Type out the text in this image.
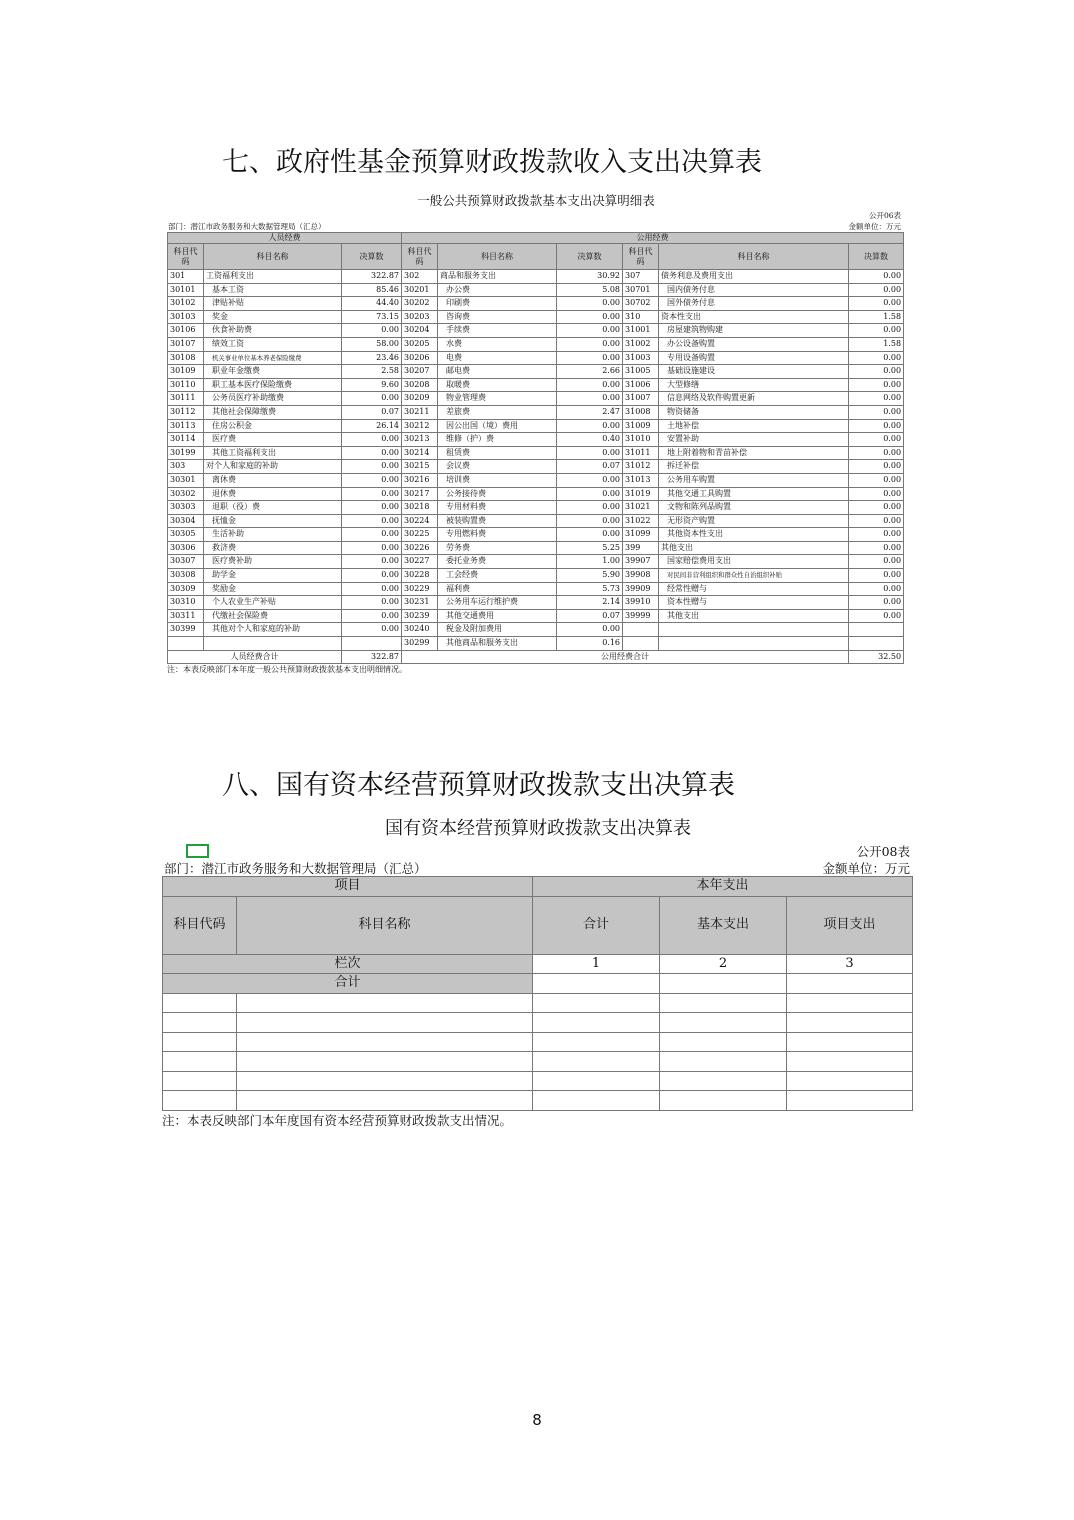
七、政府性基金预算财政拨款收入支出决算表
一般公共预算财政拨款基本支出决算明细表
公开06表
部门：潜江市政务服务和大数据管理局（汇总）	金额单位：万元
人员经费			公用经费					
科目代码	科目名称	决算数	科目代码	科目名称	决算数	科目代码	科目名称	决算数
301	工资福利支出	322.87	302	商品和服务支出	30.92	307	债务利息及费用支出	0.00
30101	基本工资	85.46	30201	办公费	5.08	30701	国内债务付息	0.00
30102	津贴补贴	44.40	30202	印刷费	0.00	30702	国外债务付息	0.00
30103	奖金	73.15	30203	咨询费	0.00	310	资本性支出	1.58
30106	伙食补助费	0.00	30204	手续费	0.00	31001	房屋建筑物购建	0.00
30107	绩效工资	58.00	30205	水费	0.00	31002	办公设备购置	1.58
30108	机关事业单位基本养老保险缴费	23.46	30206	电费	0.00	31003	专用设备购置	0.00
30109	职业年金缴费	2.58	30207	邮电费	2.66	31005	基础设施建设	0.00
30110	职工基本医疗保险缴费	9.60	30208	取暖费	0.00	31006	大型修缮	0.00
30111	公务员医疗补助缴费	0.00	30209	物业管理费	0.00	31007	信息网络及软件购置更新	0.00
30112	其他社会保障缴费	0.07	30211	差旅费	2.47	31008	物资储备	0.00
30113	住房公积金	26.14	30212	因公出国（境）费用	0.00	31009	土地补偿	0.00
30114	医疗费	0.00	30213	维修（护）费	0.40	31010	安置补助	0.00
30199	其他工资福利支出	0.00	30214	租赁费	0.00	31011	地上附着物和青苗补偿	0.00
303	对个人和家庭的补助	0.00	30215	会议费	0.07	31012	拆迁补偿	0.00
30301	离休费	0.00	30216	培训费	0.00	31013	公务用车购置	0.00
30302	退休费	0.00	30217	公务接待费	0.00	31019	其他交通工具购置	0.00
30303	退职（役）费	0.00	30218	专用材料费	0.00	31021	文物和陈列品购置	0.00
30304	抚恤金	0.00	30224	被装购置费	0.00	31022	无形资产购置	0.00
30305	生活补助	0.00	30225	专用燃料费	0.00	31099	其他资本性支出	0.00
30306	救济费	0.00	30226	劳务费	5.25	399	其他支出	0.00
30307	医疗费补助	0.00	30227	委托业务费	1.00	39907	国家赔偿费用支出	0.00
30308	助学金	0.00	30228	工会经费	5.90	39908	对民间非营利组织和群众性自治组织补贴	0.00
30309	奖励金	0.00	30229	福利费	5.73	39909	经常性赠与	0.00
30310	个人农业生产补贴	0.00	30231	公务用车运行维护费	2.14	39910	资本性赠与	0.00
30311	代缴社会保险费	0.00	30239	其他交通费用	0.07	39999	其他支出	0.00
30399	其他对个人和家庭的补助	0.00	30240	税金及附加费用	0.00			
			30299	其他商品和服务支出	0.16			
人员经费合计		322.87	公用经费合计					32.50
注：本表反映部门本年度一般公共预算财政拨款基本支出明细情况。
八、国有资本经营预算财政拨款支出决算表
国有资本经营预算财政拨款支出决算表
公开08表
部门：潜江市政务服务和大数据管理局（汇总）	金额单位：万元
项目		本年支出		
科目代码	科目名称	合计	基本支出	项目支出
栏次		1	2	3
合计				

注：本表反映部门本年度国有资本经营预算财政拨款支出情况。
8
